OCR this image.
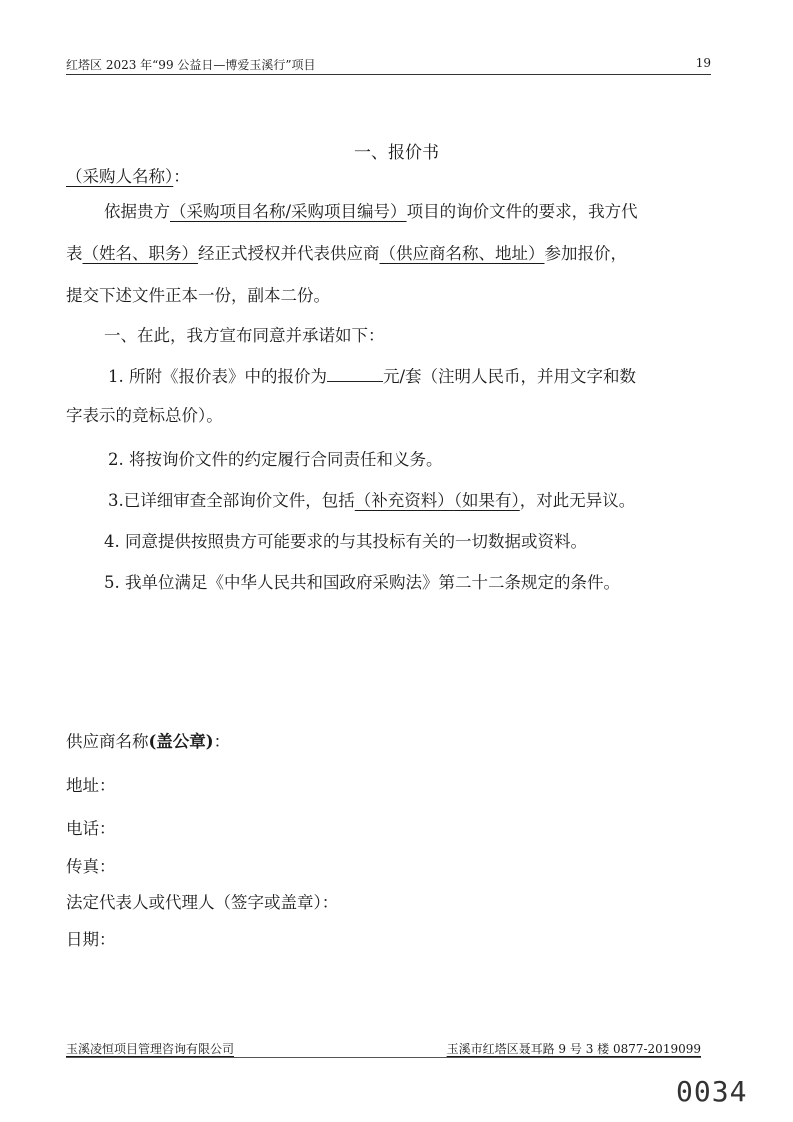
红塔区 2023 年“99 公益日—博爱玉溪行”项目	19
一、报价书
（采购人名称）：
依据贵方（采购项目名称/采购项目编号）项目的询价文件的要求，我方代
表（姓名、职务）经正式授权并代表供应商（供应商名称、地址）参加报价，
提交下述文件正本一份，副本二份。
一、在此，我方宣布同意并承诺如下：
1. 所附《报价表》中的报价为	元/套（注明人民币，并用文字和数
字表示的竞标总价）。
2. 将按询价文件的约定履行合同责任和义务。
3.已详细审查全部询价文件，包括（补充资料）（如果有），对此无异议。
4. 同意提供按照贵方可能要求的与其投标有关的一切数据或资料。
5. 我单位满足《中华人民共和国政府采购法》第二十二条规定的条件。
供应商名称(盖公章)：
地址：
电话：
传真：
法定代表人或代理人（签字或盖章）：
日期：
玉溪凌恒项目管理咨询有限公司	玉溪市红塔区聂耳路 9 号 3 楼 0877-2019099
0034
